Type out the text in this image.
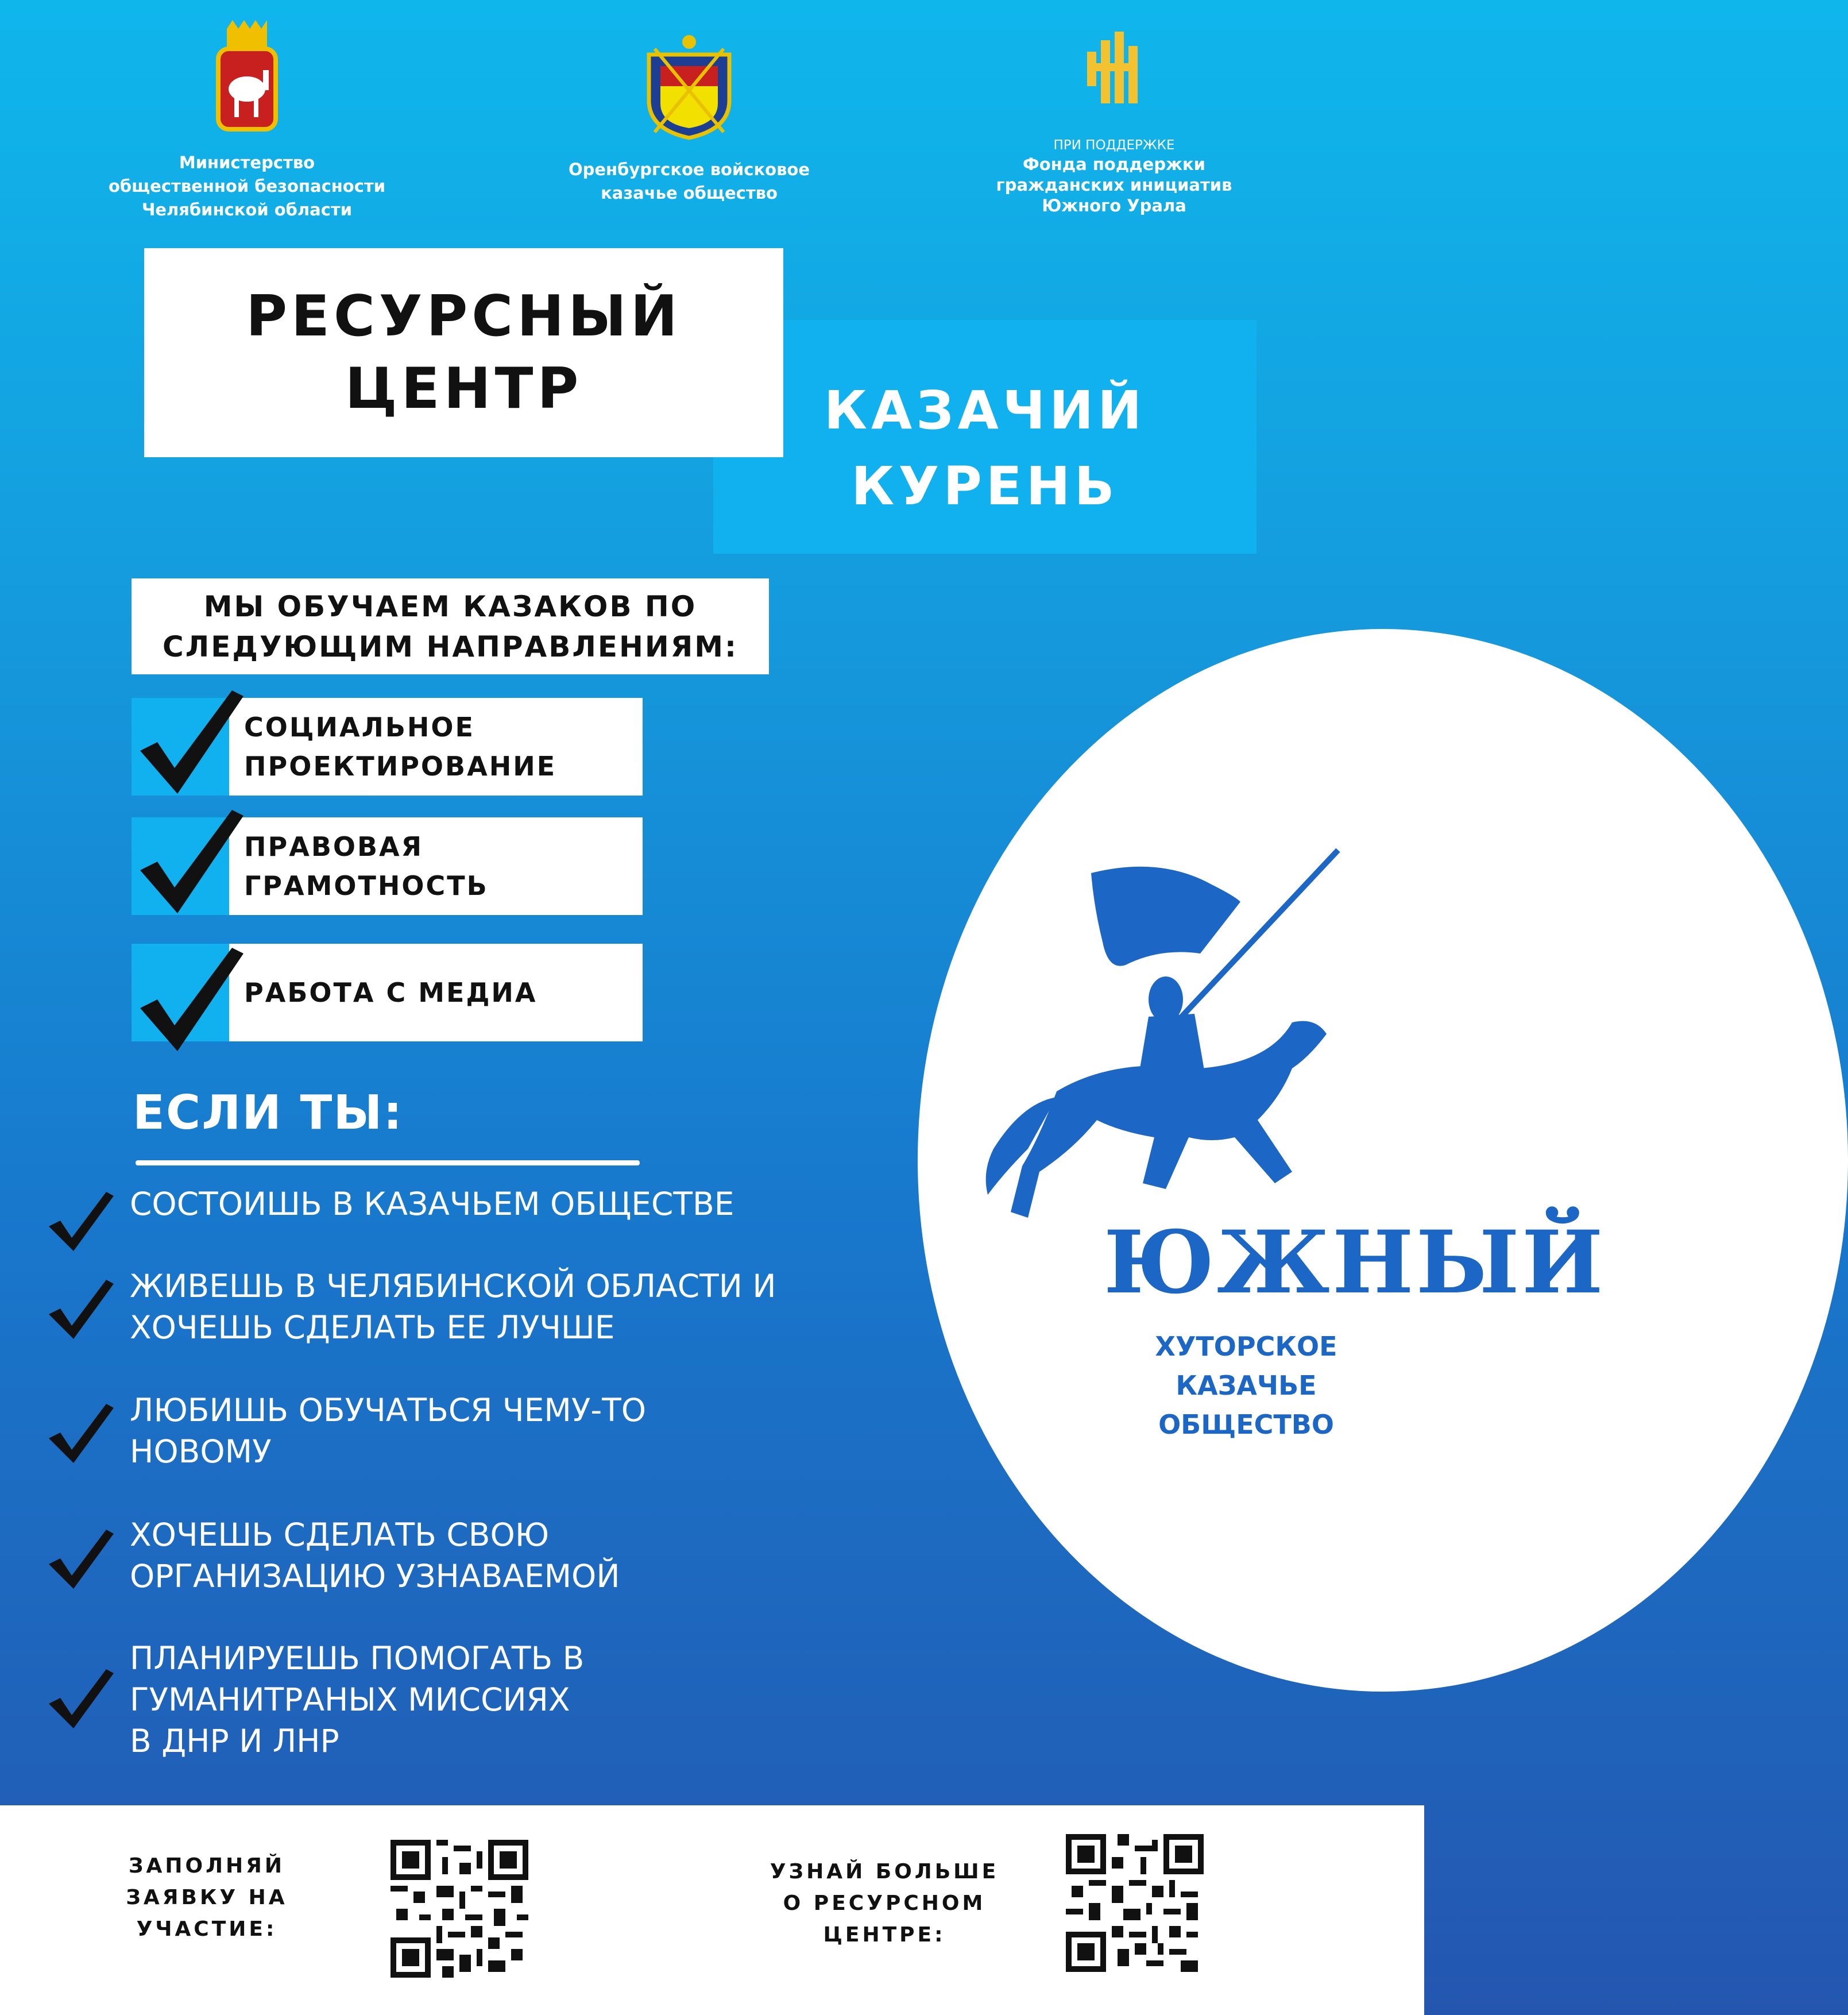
Министерство
общественной безопасности
Челябинской области
Оренбургское войсковое
казачье общество
ПРИ ПОДДЕРЖКЕ
Фонда поддержки
гражданских инициатив
Южного Урала
КАЗАЧИЙ
КУРЕНЬ
РЕСУРСНЫЙ
ЦЕНТР
МЫ ОБУЧАЕМ КАЗАКОВ ПО
СЛЕДУЮЩИМ НАПРАВЛЕНИЯМ:
СОЦИАЛЬНОЕ
ПРОЕКТИРОВАНИЕ
ПРАВОВАЯ
ГРАМОТНОСТЬ
РАБОТА С МЕДИА
ЕСЛИ ТЫ:
СОСТОИШЬ В КАЗАЧЬЕМ ОБЩЕСТВЕ
ЖИВЕШЬ В ЧЕЛЯБИНСКОЙ ОБЛАСТИ И
ХОЧЕШЬ СДЕЛАТЬ ЕЕ ЛУЧШЕ
ЛЮБИШЬ ОБУЧАТЬСЯ ЧЕМУ-ТО
НОВОМУ
ХОЧЕШЬ СДЕЛАТЬ СВОЮ
ОРГАНИЗАЦИЮ УЗНАВАЕМОЙ
ПЛАНИРУЕШЬ ПОМОГАТЬ В
ГУМАНИТРАНЫХ МИССИЯХ
В ДНР И ЛНР
ЮЖНЫЙ
ХУТОРСКОЕ
КАЗАЧЬЕ
ОБЩЕСТВО
ЗАПОЛНЯЙ
ЗАЯВКУ НА
УЧАСТИЕ:
УЗНАЙ БОЛЬШЕ
О РЕСУРСНОМ
ЦЕНТРЕ:
